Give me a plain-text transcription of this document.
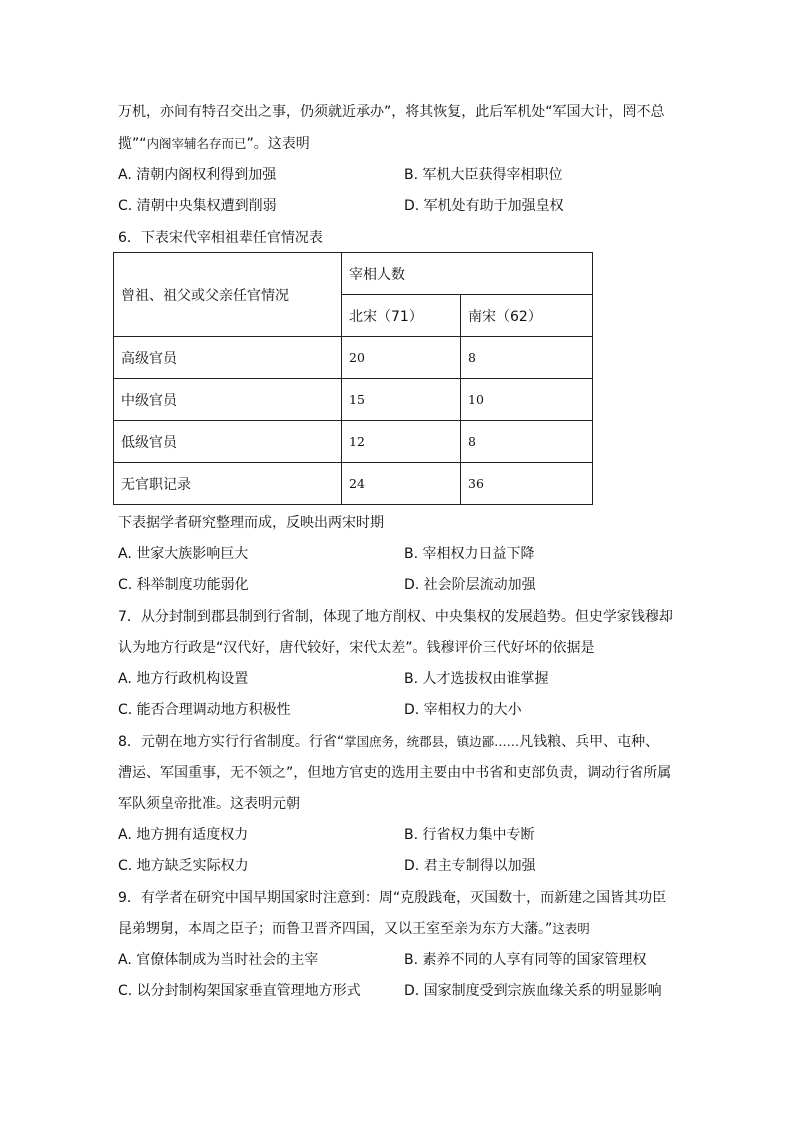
万机，亦间有特召交出之事，仍须就近承办”，将其恢复，此后军机处“军国大计，罔不总
揽”“内阁宰辅名存而已”。这表明
A. 清朝内阁权利得到加强	B. 军机大臣获得宰相职位
C. 清朝中央集权遭到削弱	D. 军机处有助于加强皇权
6．下表宋代宰相祖辈任官情况表
曾祖、祖父或父亲任官情况	宰相人数	
	北宋（71）	南宋（62）
高级官员	20	8
中级官员	15	10
低级官员	12	8
无官职记录	24	36
下表据学者研究整理而成，反映出两宋时期
A. 世家大族影响巨大	B. 宰相权力日益下降
C. 科举制度功能弱化	D. 社会阶层流动加强
7．从分封制到郡县制到行省制，体现了地方削权、中央集权的发展趋势。但史学家钱穆却
认为地方行政是“汉代好，唐代较好，宋代太差”。钱穆评价三代好坏的依据是
A. 地方行政机构设置	B. 人才选拔权由谁掌握
C. 能否合理调动地方积极性	D. 宰相权力的大小
8．元朝在地方实行行省制度。行省“掌国庶务，统郡县，镇边鄙……凡钱粮、兵甲、屯种、
漕运、军国重事，无不领之”，但地方官吏的选用主要由中书省和吏部负责，调动行省所属
军队须皇帝批准。这表明元朝
A. 地方拥有适度权力	B. 行省权力集中专断
C. 地方缺乏实际权力	D. 君主专制得以加强
9．有学者在研究中国早期国家时注意到：周“克殷践奄，灭国数十，而新建之国皆其功臣
昆弟甥舅，本周之臣子；而鲁卫晋齐四国，又以王室至亲为东方大藩。”这表明
A. 官僚体制成为当时社会的主宰	B. 素养不同的人享有同等的国家管理权
C. 以分封制构架国家垂直管理地方形式	D. 国家制度受到宗族血缘关系的明显影响
